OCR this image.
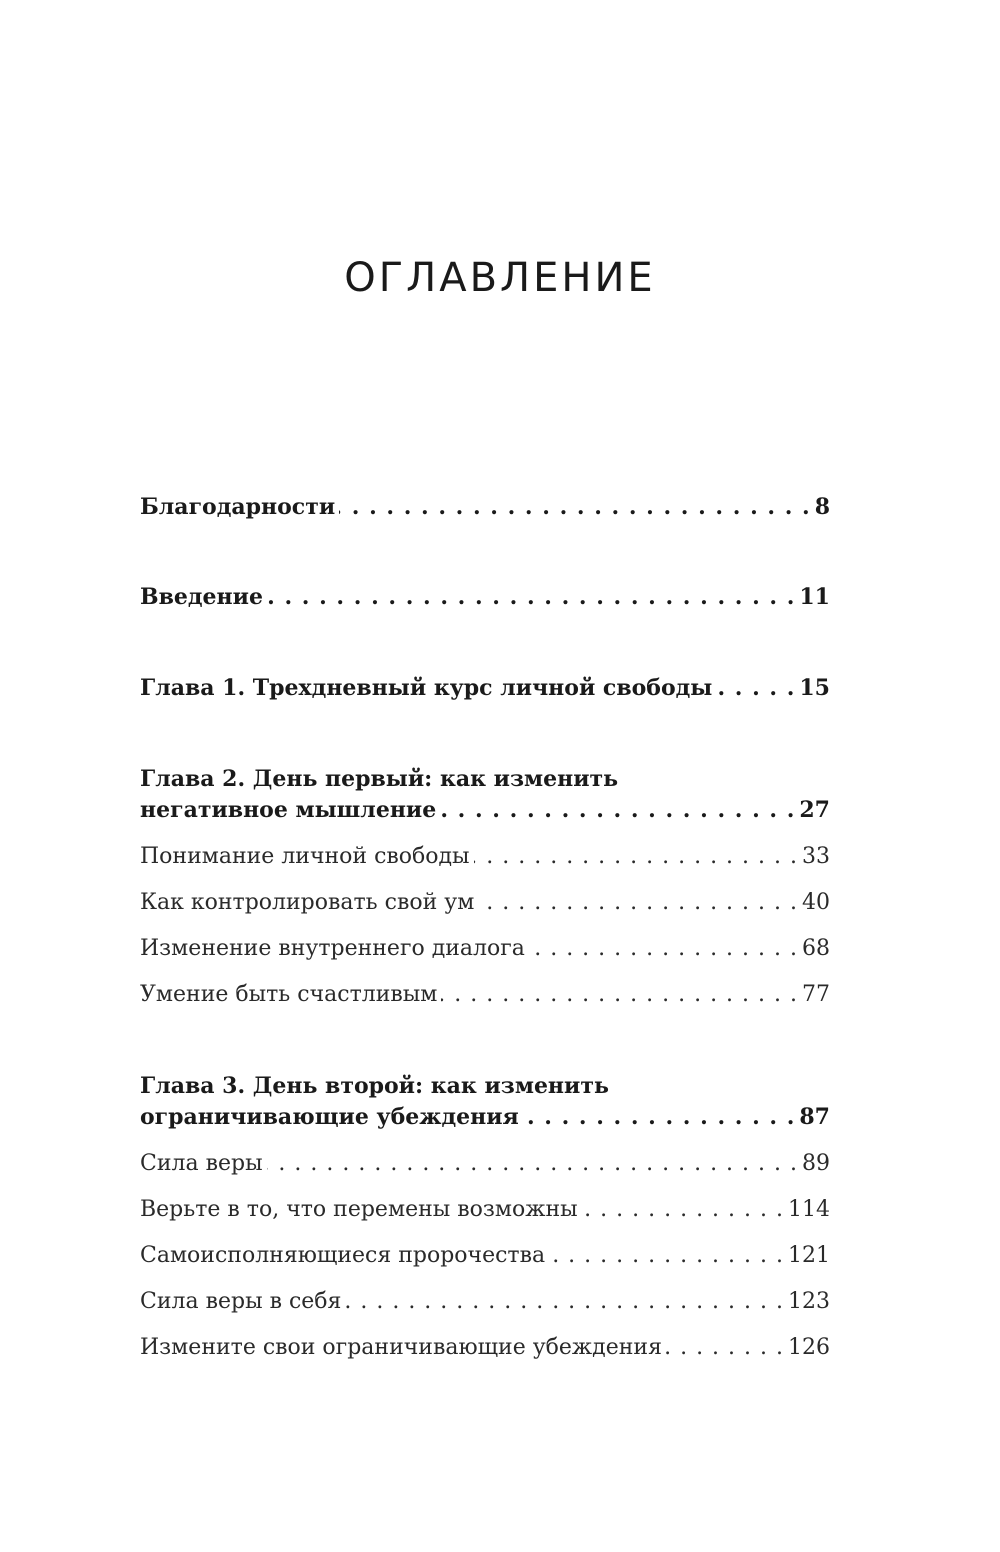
ОГЛАВЛЕНИЕ
Благодарности . . .	8
Введение . . .	11
Глава 1. Трехдневный курс личной свободы . . .	15
Глава 2. День первый: как изменить
негативное мышление . . .	27
Понимание личной свободы . . .	33
Как контролировать свой ум . . .	40
Изменение внутреннего диалога . . .	68
Умение быть счастливым . . .	77
Глава 3. День второй: как изменить
ограничивающие убеждения . . .	87
Сила веры . . .	89
Верьте в то, что перемены возможны . . .	114
Самоисполняющиеся пророчества . . .	121
Сила веры в себя . . .	123
Измените свои ограничивающие убеждения . . .	126
